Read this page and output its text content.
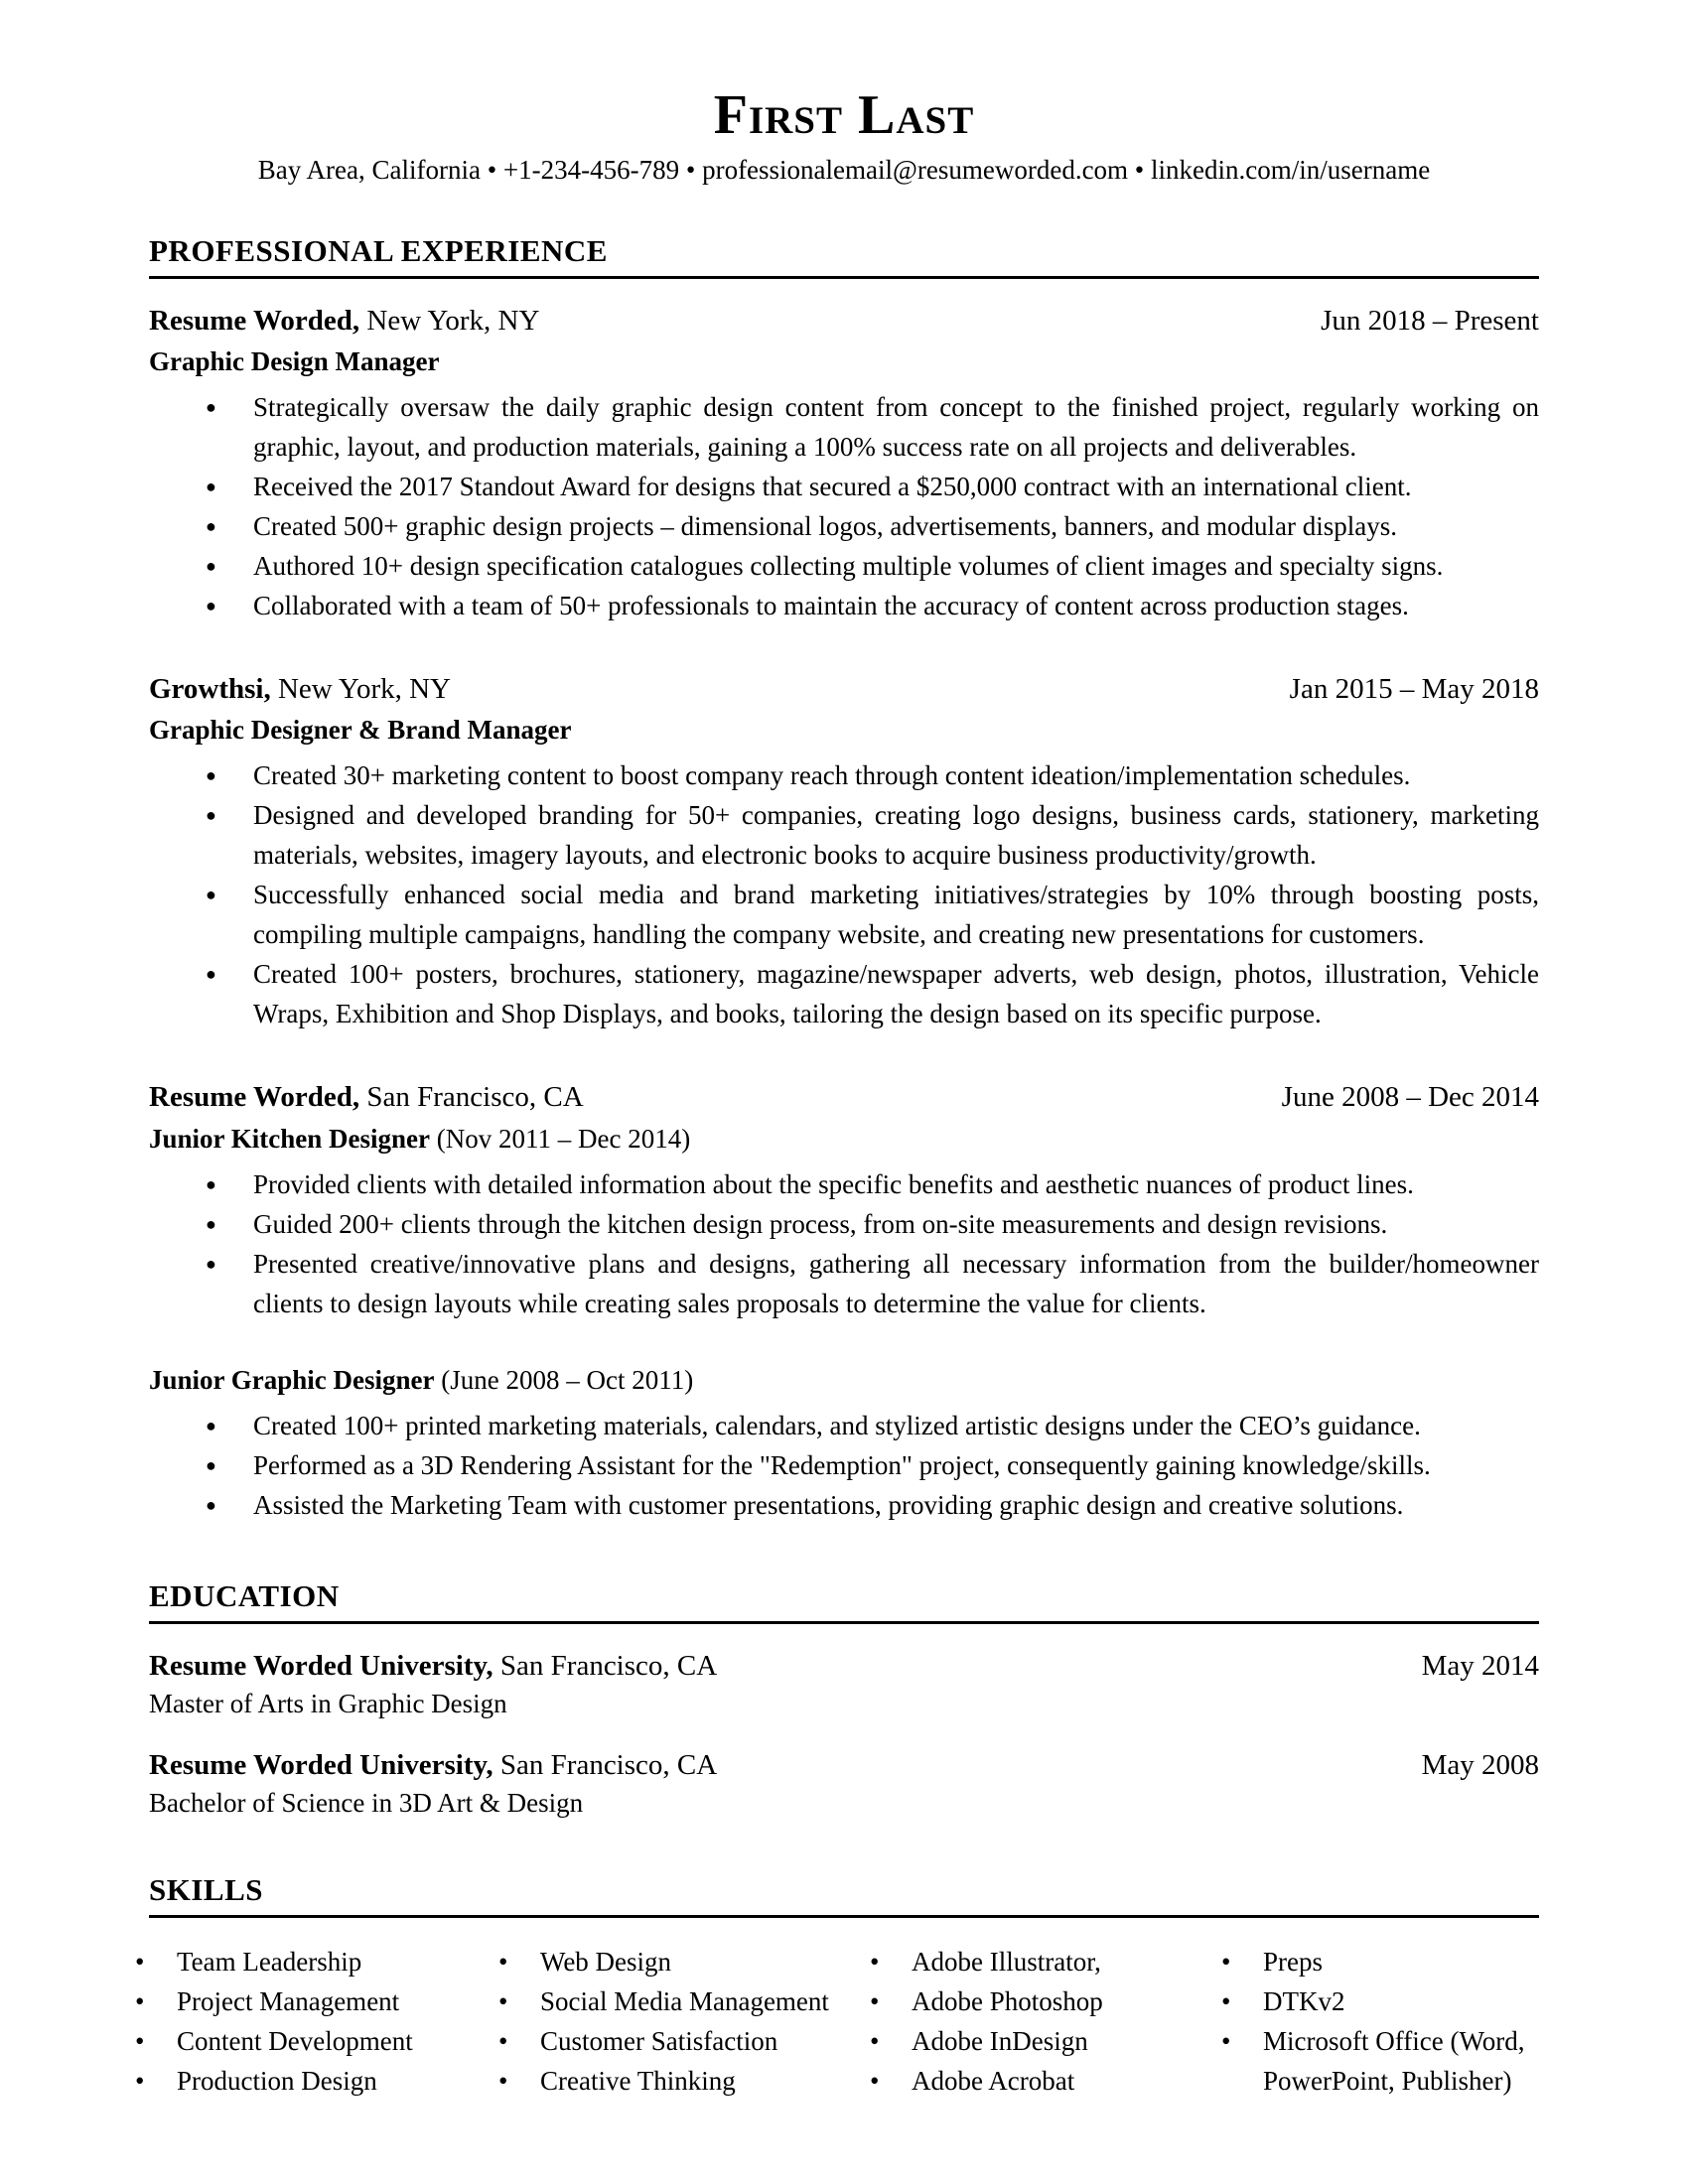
First Last
Bay Area, California • +1-234-456-789 • professionalemail@resumeworded.com • linkedin.com/in/username
PROFESSIONAL EXPERIENCE
Resume Worded, New York, NY	Jun 2018 – Present
Graphic Design Manager
● Strategically oversaw the daily graphic design content from concept to the finished project, regularly working on graphic, layout, and production materials, gaining a 100% success rate on all projects and deliverables.
● Received the 2017 Standout Award for designs that secured a $250,000 contract with an international client.
● Created 500+ graphic design projects – dimensional logos, advertisements, banners, and modular displays.
● Authored 10+ design specification catalogues collecting multiple volumes of client images and specialty signs.
● Collaborated with a team of 50+ professionals to maintain the accuracy of content across production stages.
Growthsi, New York, NY	Jan 2015 – May 2018
Graphic Designer & Brand Manager
● Created 30+ marketing content to boost company reach through content ideation/implementation schedules.
● Designed and developed branding for 50+ companies, creating logo designs, business cards, stationery, marketing materials, websites, imagery layouts, and electronic books to acquire business productivity/growth.
● Successfully enhanced social media and brand marketing initiatives/strategies by 10% through boosting posts, compiling multiple campaigns, handling the company website, and creating new presentations for customers.
● Created 100+ posters, brochures, stationery, magazine/newspaper adverts, web design, photos, illustration, Vehicle Wraps, Exhibition and Shop Displays, and books, tailoring the design based on its specific purpose.
Resume Worded, San Francisco, CA	June 2008 – Dec 2014
Junior Kitchen Designer (Nov 2011 – Dec 2014)
● Provided clients with detailed information about the specific benefits and aesthetic nuances of product lines.
● Guided 200+ clients through the kitchen design process, from on-site measurements and design revisions.
● Presented creative/innovative plans and designs, gathering all necessary information from the builder/homeowner clients to design layouts while creating sales proposals to determine the value for clients.
Junior Graphic Designer (June 2008 – Oct 2011)
● Created 100+ printed marketing materials, calendars, and stylized artistic designs under the CEO’s guidance.
● Performed as a 3D Rendering Assistant for the "Redemption" project, consequently gaining knowledge/skills.
● Assisted the Marketing Team with customer presentations, providing graphic design and creative solutions.
EDUCATION
Resume Worded University, San Francisco, CA	May 2014
Master of Arts in Graphic Design
Resume Worded University, San Francisco, CA	May 2008
Bachelor of Science in 3D Art & Design
SKILLS
• Team Leadership
• Project Management
• Content Development
• Production Design
• Web Design
• Social Media Management
• Customer Satisfaction
• Creative Thinking
• Adobe Illustrator,
• Adobe Photoshop
• Adobe InDesign
• Adobe Acrobat
• Preps
• DTKv2
• Microsoft Office (Word, PowerPoint, Publisher)
